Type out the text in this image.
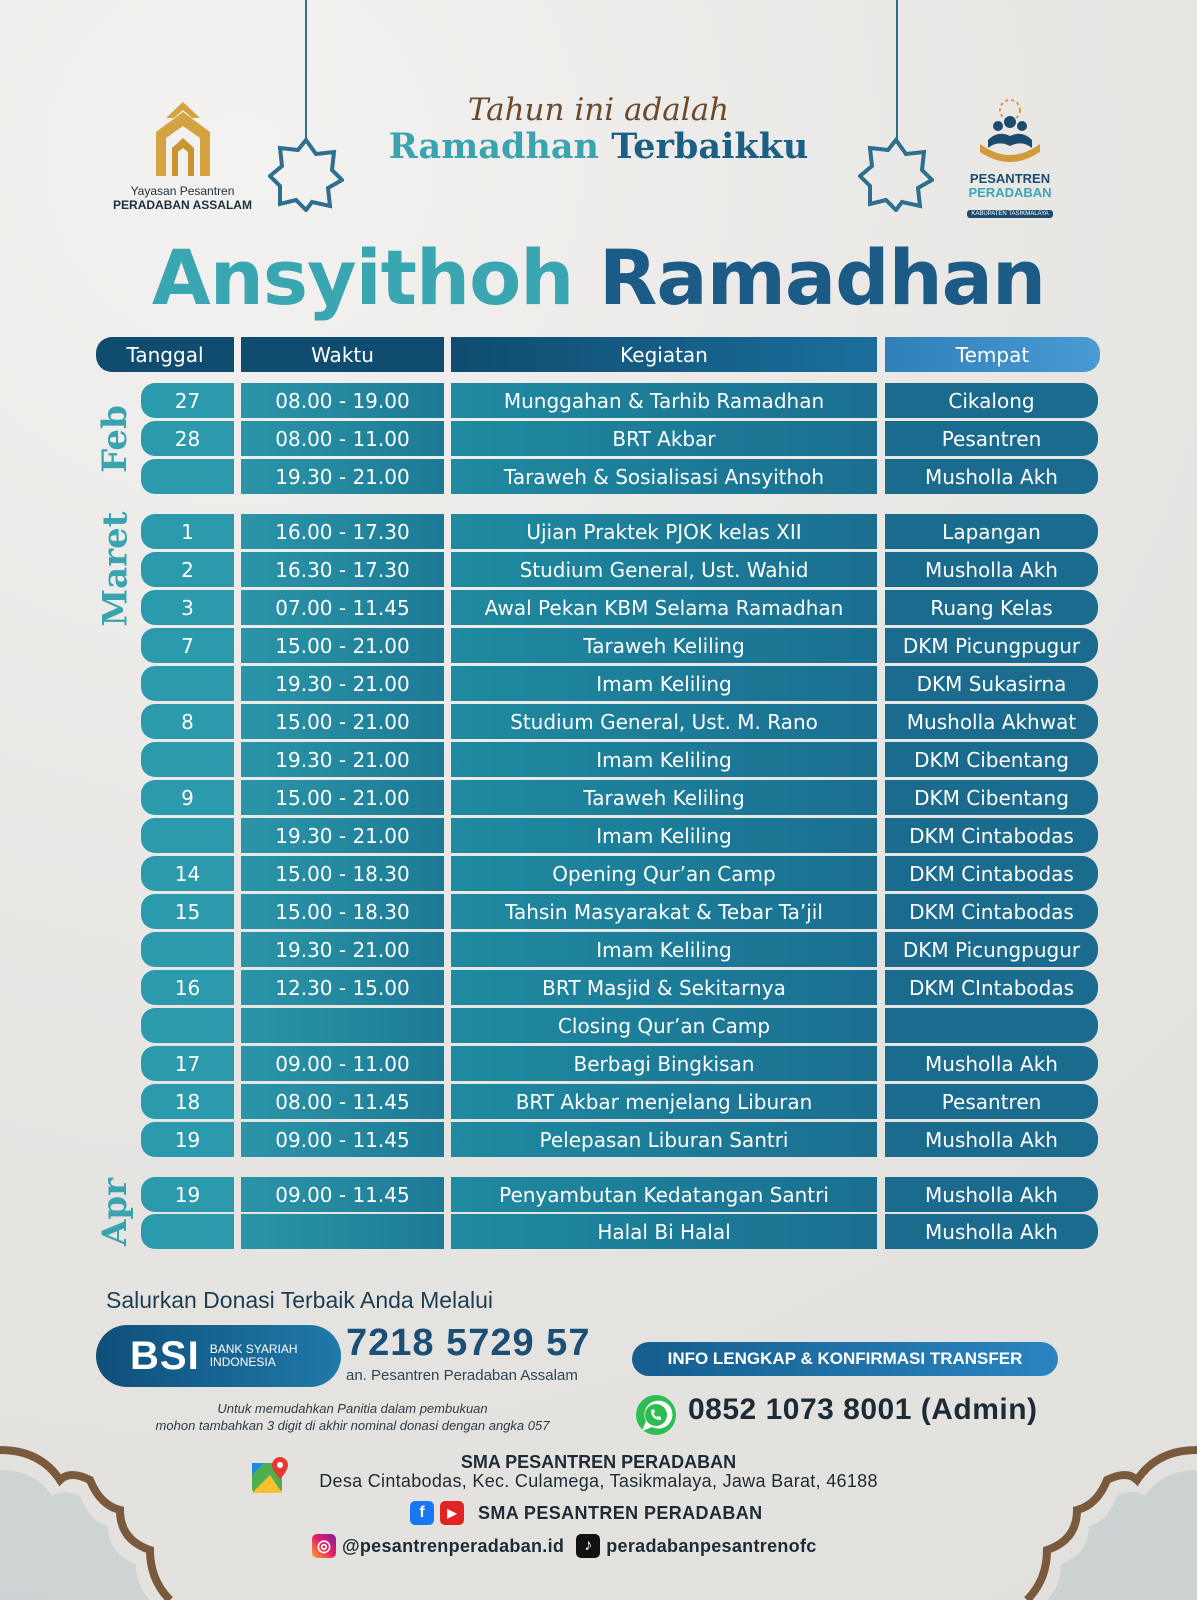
Yayasan Pesantren
PERADABAN ASSALAM
PESANTREN
PERADABAN
KABUPATEN TASIKMALAYA
Tahun ini adalah
Ramadhan Terbaikku
Ansyithoh Ramadhan
Tanggal	Waktu	Kegiatan	Tempat
Feb
Maret
Apr
27	08.00 - 19.00	Munggahan & Tarhib Ramadhan	Cikalong
28	08.00 - 11.00	BRT Akbar	Pesantren
19.30 - 21.00	Taraweh & Sosialisasi Ansyithoh	Musholla Akh
1	16.00 - 17.30	Ujian Praktek PJOK kelas XII	Lapangan
2	16.30 - 17.30	Studium General, Ust. Wahid	Musholla Akh
3	07.00 - 11.45	Awal Pekan KBM Selama Ramadhan	Ruang Kelas
7	15.00 - 21.00	Taraweh Keliling	DKM Picungpugur
19.30 - 21.00	Imam Keliling	DKM Sukasirna
8	15.00 - 21.00	Studium General, Ust. M. Rano	Musholla Akhwat
19.30 - 21.00	Imam Keliling	DKM Cibentang
9	15.00 - 21.00	Taraweh Keliling	DKM Cibentang
19.30 - 21.00	Imam Keliling	DKM Cintabodas
14	15.00 - 18.30	Opening Qur’an Camp	DKM Cintabodas
15	15.00 - 18.30	Tahsin Masyarakat & Tebar Ta’jil	DKM Cintabodas
19.30 - 21.00	Imam Keliling	DKM Picungpugur
16	12.30 - 15.00	BRT Masjid & Sekitarnya	DKM CIntabodas
Closing Qur’an Camp
17	09.00 - 11.00	Berbagi Bingkisan	Musholla Akh
18	08.00 - 11.45	BRT Akbar menjelang Liburan	Pesantren
19	09.00 - 11.45	Pelepasan Liburan Santri	Musholla Akh
19	09.00 - 11.45	Penyambutan Kedatangan Santri	Musholla Akh
Halal Bi Halal	Musholla Akh
Salurkan Donasi Terbaik Anda Melalui
BSI BANK SYARIAH
INDONESIA	7218 5729 57
an. Pesantren Peradaban Assalam
Untuk memudahkan Panitia dalam pembukuan
mohon tambahkan 3 digit di akhir nominal donasi dengan angka 057
INFO LENGKAP & KONFIRMASI TRANSFER
0852 1073 8001 (Admin)
SMA PESANTREN PERADABAN
Desa Cintabodas, Kec. Culamega, Tasikmalaya, Jawa Barat, 46188
f	▶	SMA PESANTREN PERADABAN
◎ @pesantrenperadaban.id	♪ peradabanpesantrenofc
